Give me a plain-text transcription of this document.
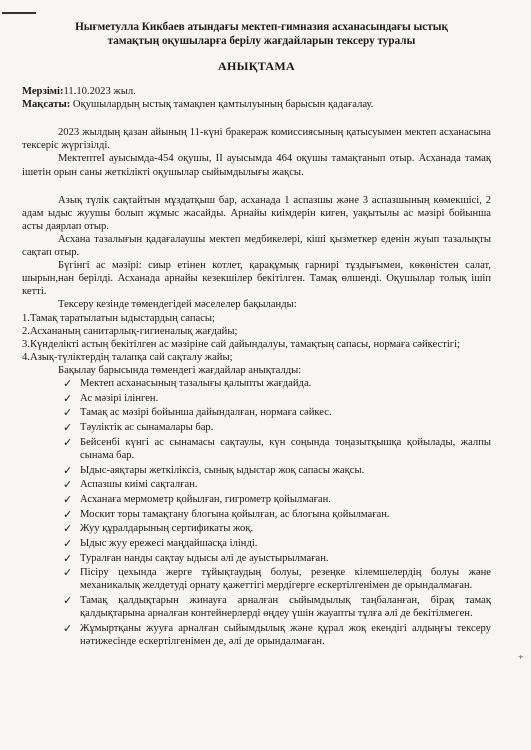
Нығметулла Кикбаев атындағы мектеп-гимназия асханасындағы ыстық
тамақтың оқушыларға берілу жағдайларын тексеру туралы
АНЫҚТАМА

Мерзімі:11.10.2023 жыл.

Мақсаты: Оқушылардың ыстық тамақпен қамтылуының барысын қадағалау.

2023 жылдың қазан айының 11-күні бракераж комиссиясының қатысуымен мектеп асханасына тексеріс жүргізілді.

МектептеІ ауысымда-454 оқушы, ІІ ауысымда 464 оқушы тамақтанып отыр. Асханада тамақ ішетін орын саны жеткілікті оқушылар сыйымдылығы жақсы.

Азық түлік сақтайтын мұздатқыш бар, асханада 1 аспазшы және 3 аспазшының көмекшісі, 2 адам ыдыс жуушы болып жұмыс жасайды. Арнайы киімдерін киген, уақытылы ас мәзірі бойынша асты даярлап отыр.

Асхана тазалығын қадағалаушы мектеп медбикелері, кіші қызметкер еденін жуып тазалықты сақтап отыр.

Бүгінгі ас мәзірі: сиыр етінен котлет, қарақұмық гарнирі тұздығымен, көкөністен салат, шырын,нан берілді. Асханада арнайы кезекшілер бекітілген. Тамақ өлшенді. Оқушылар толық ішіп кетті.

Тексеру кезінде төмендегідей мәселелер бақыланды:

1.Тамақ таратылатын ыдыстардың сапасы;
2.Асхананың санитарлық-гигиеналық жағдайы;
3.Күнделікті астың бекітілген ас мәзіріне сай дайындалуы, тамақтың сапасы, нормаға сәйкестігі;
4.Азық-түліктердің талапқа сай сақталу жайы;

Бақылау барысында төмендегі жағдайлар анықталды:

✓ Мектеп асханасының тазалығы қалыпты жағдайда.
✓ Ас мәзірі ілінген.
✓ Тамақ ас мәзірі бойынша дайындалған, нормаға сәйкес.
✓ Тәуліктік ас сынамалары бар.
✓ Бейсенбі күнгі ас сынамасы сақтаулы, күн соңында тоңазытқышқа қойылады, жалпы сынама бар.
✓ Ыдыс-аяқтары жеткіліксіз, сынық ыдыстар жоқ сапасы жақсы.
✓ Аспазшы киімі сақталған.
✓ Асханаға мермометр қойылған, гигрометр қойылмаған.
✓ Москит торы тамақтану блогына қойылған, ас блогына қойылмаған.
✓ Жуу құралдарының сертификаты жоқ.
✓ Ыдыс жуу ережесі маңдайшасқа ілінді.
✓ Туралған нанды сақтау ыдысы әлі де ауыстырылмаған.
✓ Пісіру цехында жерге тұйықтаудың болуы, резеңке кілемшелердің болуы және механикалық желдетуді орнату қажеттігі мердігерге ескертілгенімен де орындалмаған.
✓ Тамақ қалдықтарын жинауға арналған сыйымдылық таңбаланған, бірақ тамақ қалдықтарына арналған контейнерлерді өңдеу үшін жауапты тұлға әлі де бекітілмеген.
✓ Жұмыртқаны жууға арналған сыйымдылық және құрал жоқ екендігі алдыңғы тексеру нәтижесінде ескертілгенімен де, әлі де орындалмаған.
⁺
